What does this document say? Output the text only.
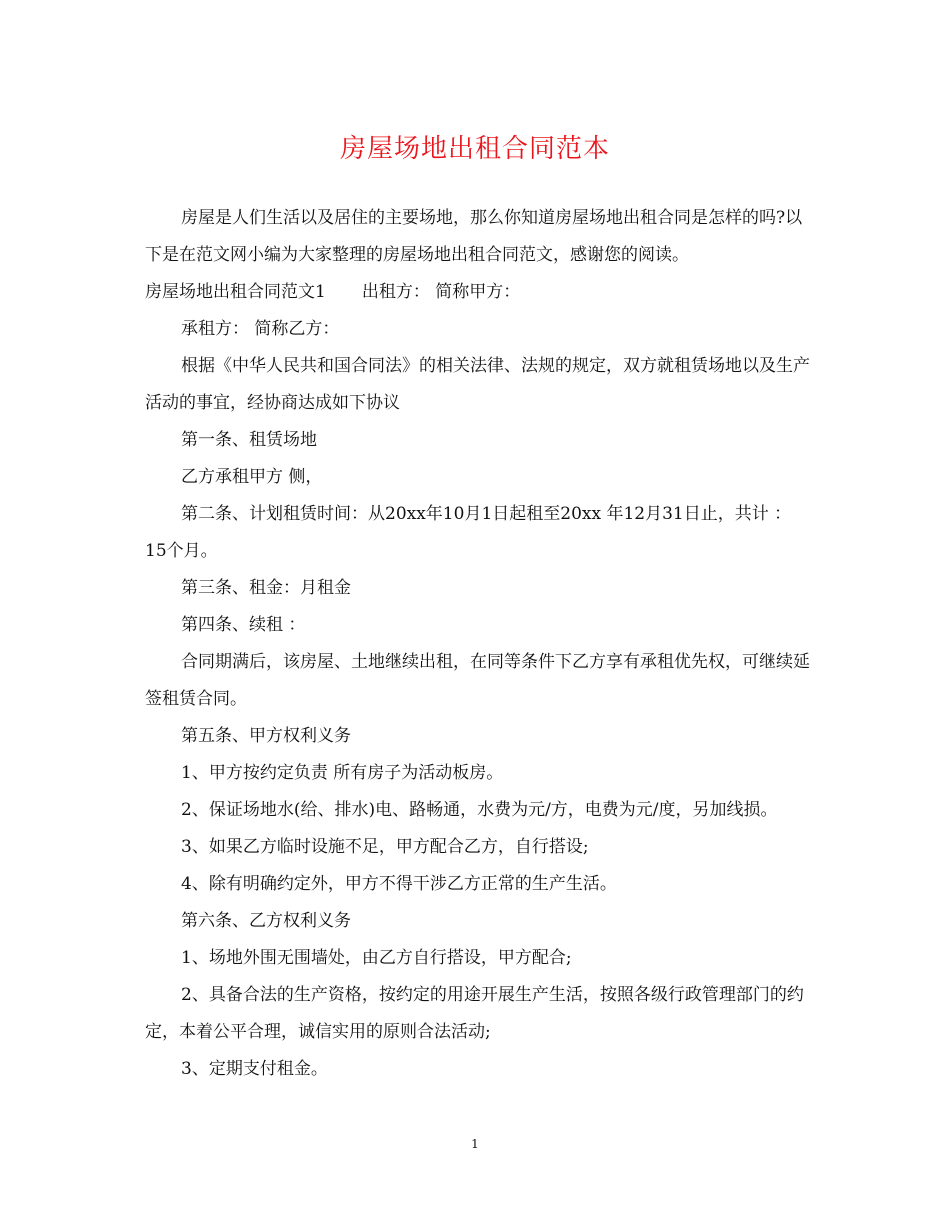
房屋场地出租合同范本

房屋是人们生活以及居住的主要场地，那么你知道房屋场地出租合同是怎样的吗?以下是在范文网小编为大家整理的房屋场地出租合同范文，感谢您的阅读。

房屋场地出租合同范文1 出租方： 简称甲方：

承租方： 简称乙方：

根据《中华人民共和国合同法》的相关法律、法规的规定，双方就租赁场地以及生产活动的事宜，经协商达成如下协议

第一条、租赁场地

乙方承租甲方 侧，

第二条、计划租赁时间：从20xx年10月1日起租至20xx 年12月31日止，共计 ：15个月。

第三条、租金：月租金

第四条、续租 ：

合同期满后，该房屋、土地继续出租，在同等条件下乙方享有承租优先权，可继续延签租赁合同。

第五条、甲方权利义务

1、甲方按约定负责 所有房子为活动板房。

2、保证场地水(给、排水)电、路畅通，水费为元/方，电费为元/度，另加线损。

3、如果乙方临时设施不足，甲方配合乙方，自行搭设;

4、除有明确约定外，甲方不得干涉乙方正常的生产生活。

第六条、乙方权利义务

1、场地外围无围墙处，由乙方自行搭设，甲方配合;

2、具备合法的生产资格，按约定的用途开展生产生活，按照各级行政管理部门的约定，本着公平合理，诚信实用的原则合法活动;

3、定期支付租金。

1
